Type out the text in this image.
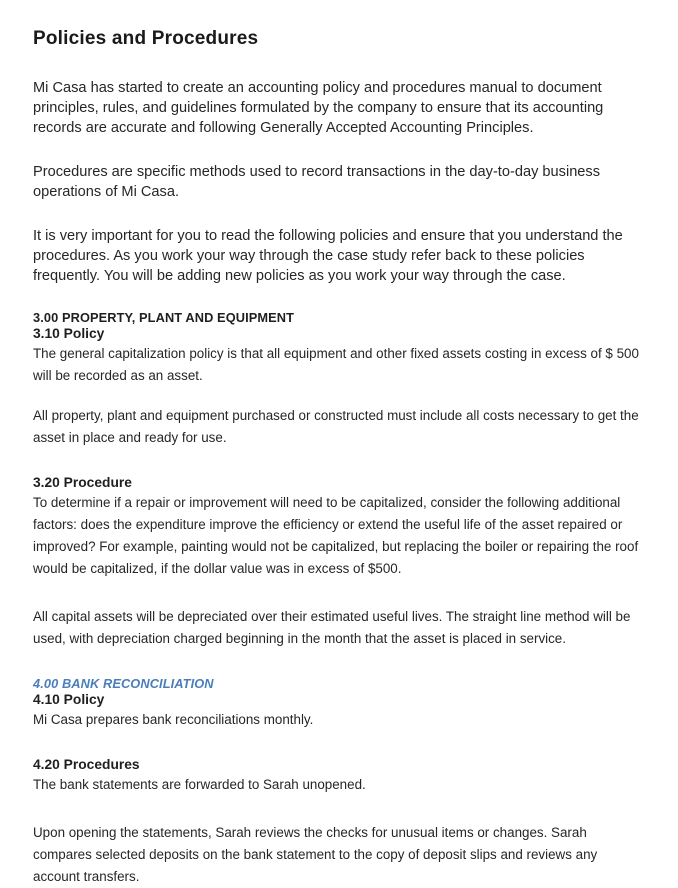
Policies and Procedures

Mi Casa has started to create an accounting policy and procedures manual to document principles, rules, and guidelines formulated by the company to ensure that its accounting records are accurate and following Generally Accepted Accounting Principles.

Procedures are specific methods used to record transactions in the day-to-day business operations of Mi Casa.

It is very important for you to read the following policies and ensure that you understand the procedures. As you work your way through the case study refer back to these policies frequently. You will be adding new policies as you work your way through the case.

3.00 PROPERTY, PLANT AND EQUIPMENT
3.10 Policy

The general capitalization policy is that all equipment and other fixed assets costing in excess of $ 500 will be recorded as an asset.

All property, plant and equipment purchased or constructed must include all costs necessary to get the asset in place and ready for use.

3.20 Procedure

To determine if a repair or improvement will need to be capitalized, consider the following additional factors: does the expenditure improve the efficiency or extend the useful life of the asset repaired or improved? For example, painting would not be capitalized, but replacing the boiler or repairing the roof would be capitalized, if the dollar value was in excess of $500.

All capital assets will be depreciated over their estimated useful lives. The straight line method will be used, with depreciation charged beginning in the month that the asset is placed in service.

4.00 BANK RECONCILIATION
4.10 Policy

Mi Casa prepares bank reconciliations monthly.

4.20 Procedures

The bank statements are forwarded to Sarah unopened.

Upon opening the statements, Sarah reviews the checks for unusual items or changes. Sarah compares selected deposits on the bank statement to the copy of deposit slips and reviews any account transfers.
